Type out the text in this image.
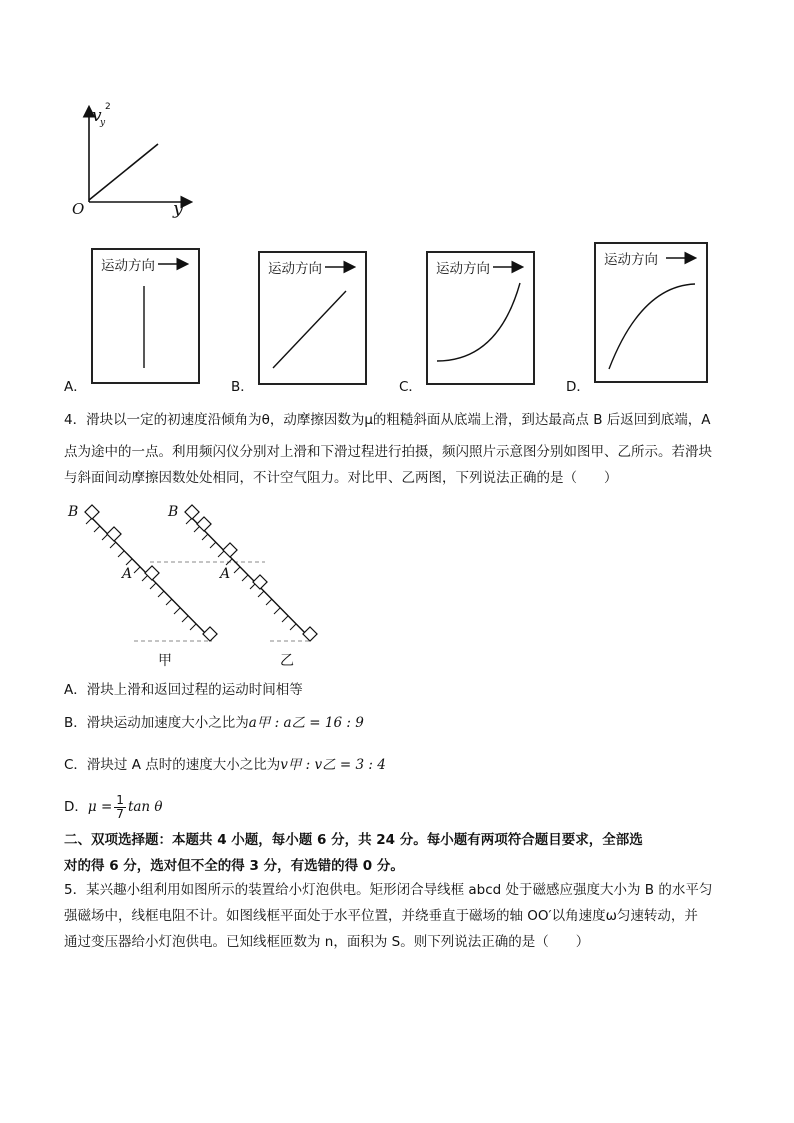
v
y
2
y
O
A．
运动方向
B．
运动方向
C．
运动方向
D．
运动方向
4．滑块以一定的初速度沿倾角为θ，动摩擦因数为μ的粗糙斜面从底端上滑，到达最高点 B 后返回到底端，A
点为途中的一点。利用频闪仪分别对上滑和下滑过程进行拍摄，频闪照片示意图分别如图甲、乙所示。若滑块
与斜面间动摩擦因数处处相同，不计空气阻力。对比甲、乙两图，下列说法正确的是（　　）
B	B
A	A
甲	乙
A．滑块上滑和返回过程的运动时间相等
B．滑块运动加速度大小之比为a甲 : a乙 = 16 : 9
C．滑块过 A 点时的速度大小之比为v甲 : v乙 = 3 : 4
D．$\mu = \frac{1}{7}$ tan θ
二、双项选择题：本题共 4 小题，每小题 6 分，共 24 分。每小题有两项符合题目要求，全部选
对的得 6 分，选对但不全的得 3 分，有选错的得 0 分。
5．某兴趣小组利用如图所示的装置给小灯泡供电。矩形闭合导线框 abcd 处于磁感应强度大小为 B 的水平匀
强磁场中，线框电阻不计。如图线框平面处于水平位置，并绕垂直于磁场的轴 OO′以角速度ω匀速转动，并
通过变压器给小灯泡供电。已知线框匝数为 n，面积为 S。则下列说法正确的是（　　）
